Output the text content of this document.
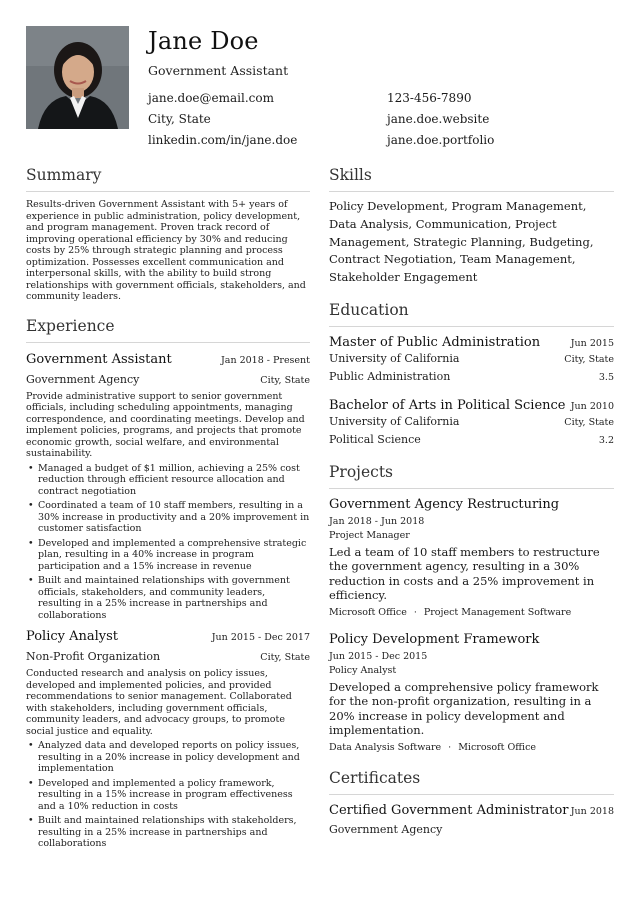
Jane Doe
Government Assistant
jane.doe@email.com
City, State
linkedin.com/in/jane.doe
123-456-7890
jane.doe.website
jane.doe.portfolio
Summary
Results-driven Government Assistant with 5+ years of experience in public administration, policy development, and program management. Proven track record of improving operational efficiency by 30% and reducing costs by 25% through strategic planning and process optimization. Possesses excellent communication and interpersonal skills, with the ability to build strong relationships with government officials, stakeholders, and community leaders.
Experience
Government Assistant	Jan 2018 - Present
Government Agency	City, State
Provide administrative support to senior government officials, including scheduling appointments, managing correspondence, and coordinating meetings. Develop and implement policies, programs, and projects that promote economic growth, social welfare, and environmental sustainability.
• Managed a budget of $1 million, achieving a 25% cost reduction through efficient resource allocation and contract negotiation
• Coordinated a team of 10 staff members, resulting in a 30% increase in productivity and a 20% improvement in customer satisfaction
• Developed and implemented a comprehensive strategic plan, resulting in a 40% increase in program participation and a 15% increase in revenue
• Built and maintained relationships with government officials, stakeholders, and community leaders, resulting in a 25% increase in partnerships and collaborations
Policy Analyst	Jun 2015 - Dec 2017
Non-Profit Organization	City, State
Conducted research and analysis on policy issues, developed and implemented policies, and provided recommendations to senior management. Collaborated with stakeholders, including government officials, community leaders, and advocacy groups, to promote social justice and equality.
• Analyzed data and developed reports on policy issues, resulting in a 20% increase in policy development and implementation
• Developed and implemented a policy framework, resulting in a 15% increase in program effectiveness and a 10% reduction in costs
• Built and maintained relationships with stakeholders, resulting in a 25% increase in partnerships and collaborations
Skills
Policy Development, Program Management, Data Analysis, Communication, Project Management, Strategic Planning, Budgeting, Contract Negotiation, Team Management, Stakeholder Engagement
Education
Master of Public Administration	Jun 2015
University of California	City, State
Public Administration	3.5
Bachelor of Arts in Political Science Jun 2010
University of California	City, State
Political Science	3.2
Projects
Government Agency Restructuring
Jan 2018 - Jun 2018
Project Manager
Led a team of 10 staff members to restructure the government agency, resulting in a 30% reduction in costs and a 25% improvement in efficiency.
Microsoft Office · Project Management Software
Policy Development Framework
Jun 2015 - Dec 2015
Policy Analyst
Developed a comprehensive policy framework for the non-profit organization, resulting in a 20% increase in policy development and implementation.
Data Analysis Software · Microsoft Office
Certificates
Certified Government Administrator Jun 2018
Government Agency
